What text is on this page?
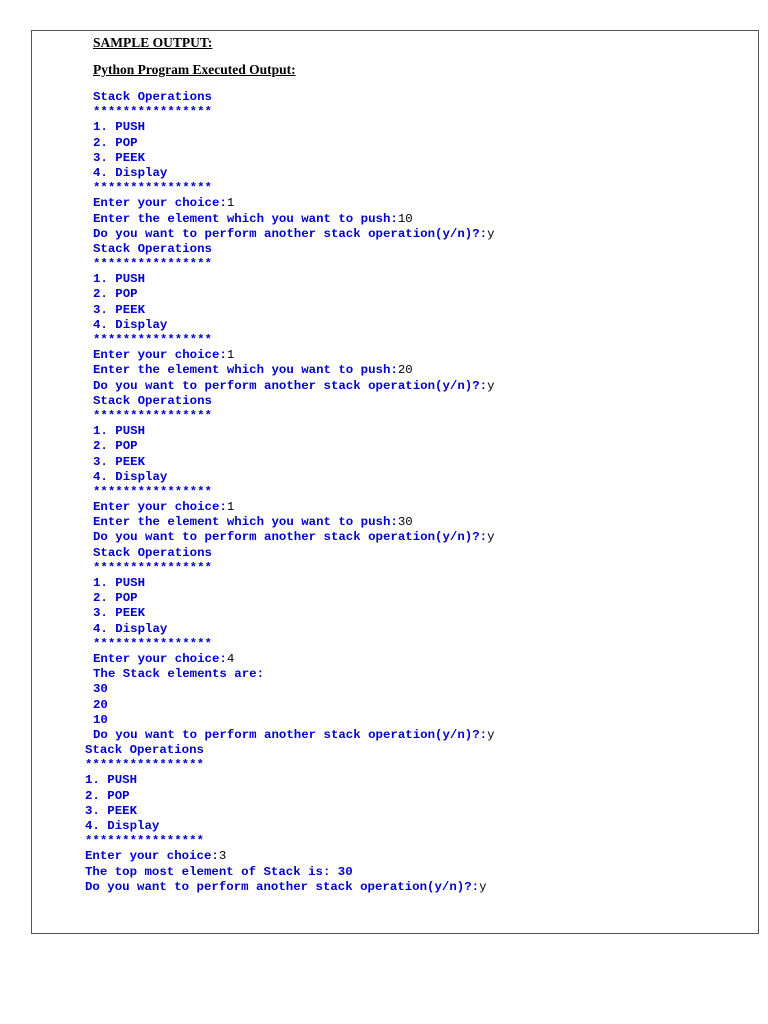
SAMPLE OUTPUT:
Python Program Executed Output:
Stack Operations
****************
1. PUSH
2. POP
3. PEEK
4. Display
****************
Enter your choice:1
Enter the element which you want to push:10
Do you want to perform another stack operation(y/n)?:y
Stack Operations
****************
1. PUSH
2. POP
3. PEEK
4. Display
****************
Enter your choice:1
Enter the element which you want to push:20
Do you want to perform another stack operation(y/n)?:y
Stack Operations
****************
1. PUSH
2. POP
3. PEEK
4. Display
****************
Enter your choice:1
Enter the element which you want to push:30
Do you want to perform another stack operation(y/n)?:y
Stack Operations
****************
1. PUSH
2. POP
3. PEEK
4. Display
****************
Enter your choice:4
The Stack elements are:
30
20
10
Do you want to perform another stack operation(y/n)?:y
Stack Operations
****************
1. PUSH
2. POP
3. PEEK
4. Display
****************
Enter your choice:3
The top most element of Stack is: 30
Do you want to perform another stack operation(y/n)?:y
